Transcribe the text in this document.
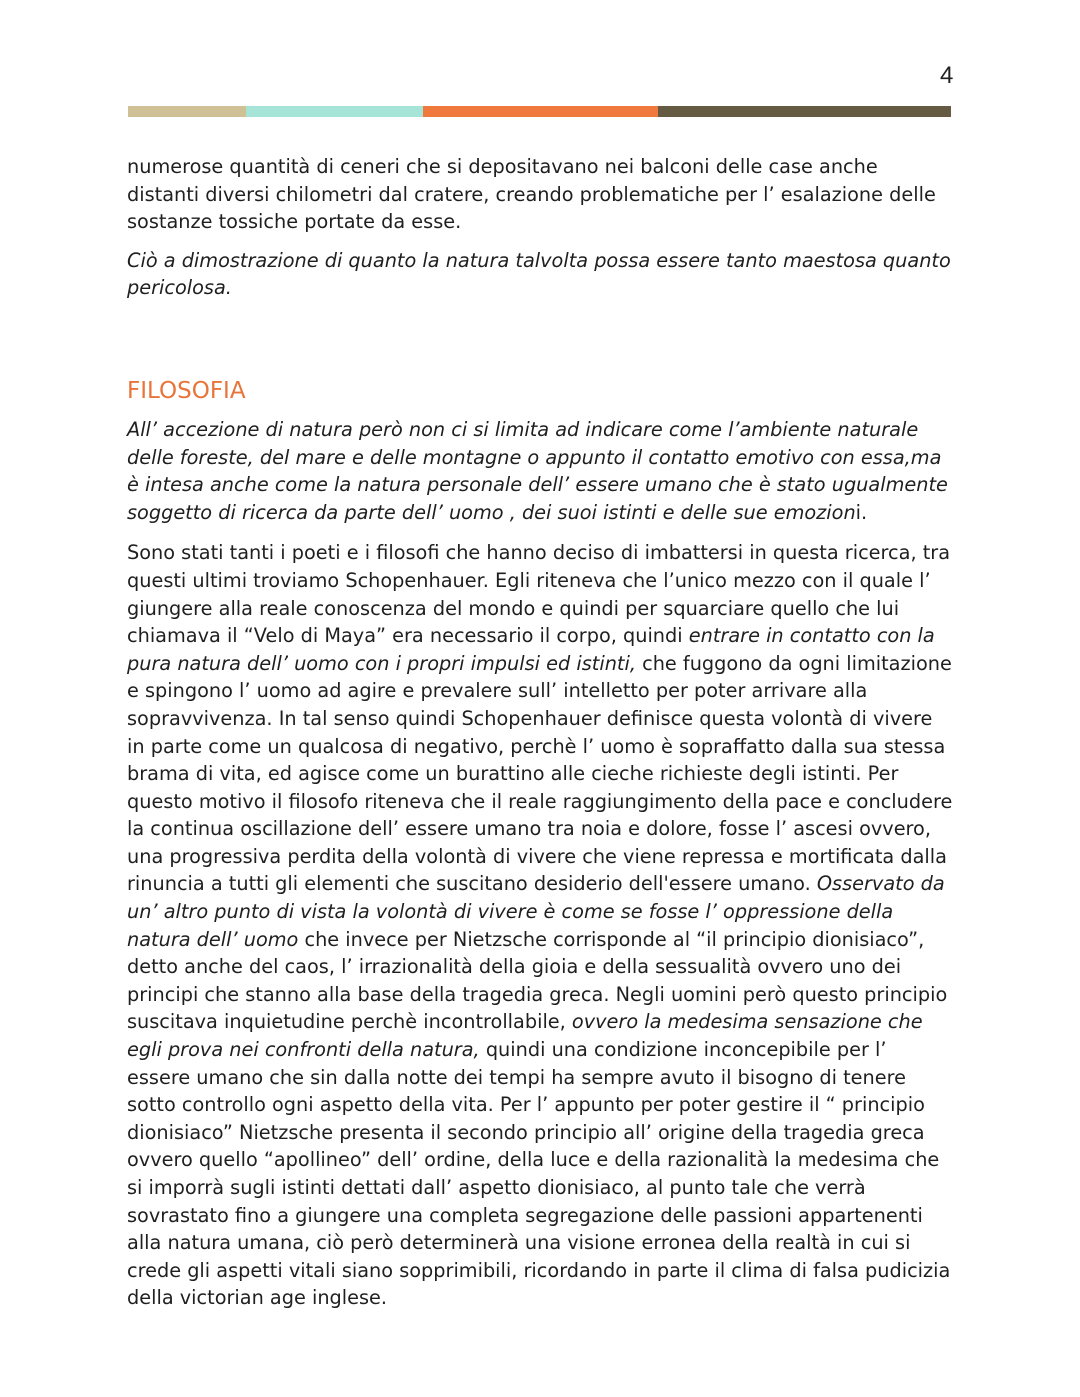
4

numerose quantità di ceneri che si depositavano nei balconi delle case anche distanti diversi chilometri dal cratere, creando problematiche per l’ esalazione delle sostanze tossiche portate da esse.

Ciò a dimostrazione di quanto la natura talvolta possa essere tanto maestosa quanto pericolosa.

FILOSOFIA

All’ accezione di natura però non ci si limita ad indicare come l’ambiente naturale delle foreste, del mare e delle montagne o appunto il contatto emotivo con essa,ma è intesa anche come la natura personale dell’ essere umano che è stato ugualmente soggetto di ricerca da parte dell’ uomo , dei suoi istinti e delle sue emozioni.

Sono stati tanti i poeti e i filosofi che hanno deciso di imbattersi in questa ricerca, tra questi ultimi troviamo Schopenhauer. Egli riteneva che l’unico mezzo con il quale l’ giungere alla reale conoscenza del mondo e quindi per squarciare quello che lui chiamava il “Velo di Maya” era necessario il corpo, quindi entrare in contatto con la pura natura dell’ uomo con i propri impulsi ed istinti, che fuggono da ogni limitazione e spingono l’ uomo ad agire e prevalere sull’ intelletto per poter arrivare alla sopravvivenza. In tal senso quindi Schopenhauer definisce questa volontà di vivere in parte come un qualcosa di negativo, perchè l’ uomo è sopraffatto dalla sua stessa brama di vita, ed agisce come un burattino alle cieche richieste degli istinti. Per questo motivo il filosofo riteneva che il reale raggiungimento della pace e concludere la continua oscillazione dell’ essere umano tra noia e dolore, fosse l’ ascesi ovvero, una progressiva perdita della volontà di vivere che viene repressa e mortificata dalla rinuncia a tutti gli elementi che suscitano desiderio dell'essere umano. Osservato da un’ altro punto di vista la volontà di vivere è come se fosse l’ oppressione della natura dell’ uomo che invece per Nietzsche corrisponde al “il principio dionisiaco”, detto anche del caos, l’ irrazionalità della gioia e della sessualità ovvero uno dei principi che stanno alla base della tragedia greca. Negli uomini però questo principio suscitava inquietudine perchè incontrollabile, ovvero la medesima sensazione che egli prova nei confronti della natura, quindi una condizione inconcepibile per l’ essere umano che sin dalla notte dei tempi ha sempre avuto il bisogno di tenere sotto controllo ogni aspetto della vita. Per l’ appunto per poter gestire il “ principio dionisiaco” Nietzsche presenta il secondo principio all’ origine della tragedia greca ovvero quello “apollineo” dell’ ordine, della luce e della razionalità la medesima che si imporrà sugli istinti dettati dall’ aspetto dionisiaco, al punto tale che verrà sovrastato fino a giungere una completa segregazione delle passioni appartenenti alla natura umana, ciò però determinerà una visione erronea della realtà in cui si crede gli aspetti vitali siano sopprimibili, ricordando in parte il clima di falsa pudicizia della victorian age inglese.
